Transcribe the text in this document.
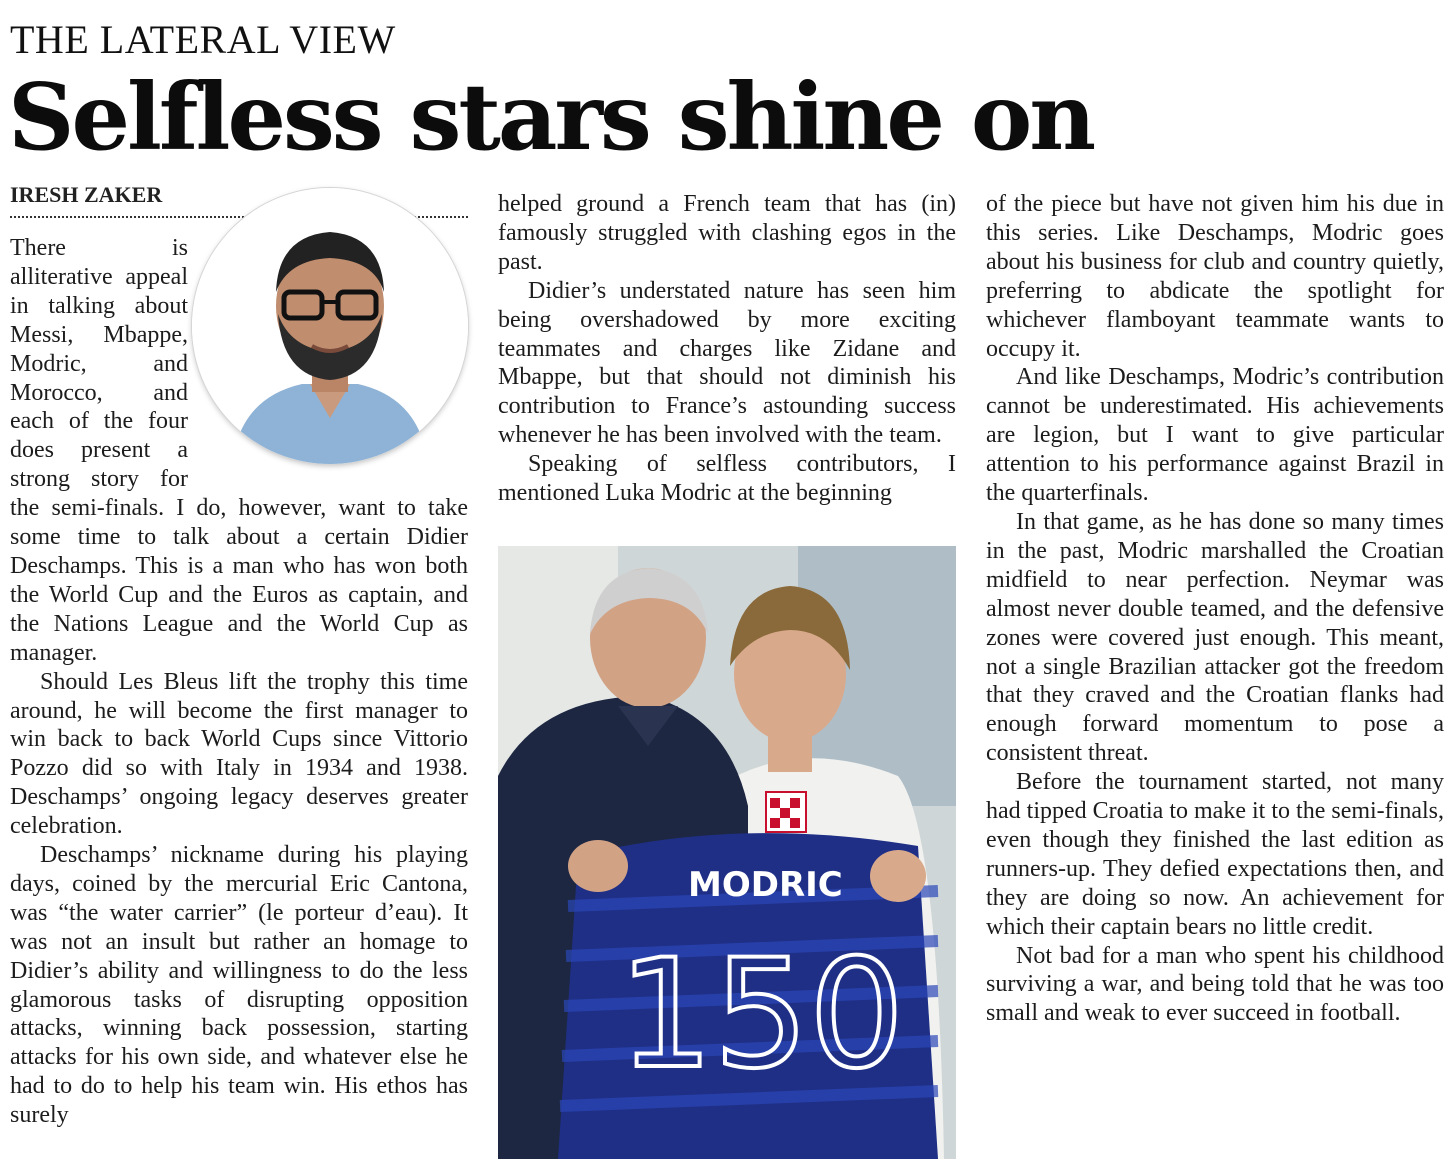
THE LATERAL VIEW
Selfless stars shine on
IRESH ZAKER

There is alliterative appeal in talking about Messi, Mbappe, Modric, and Morocco, and each of the four does present a strong story for the semi-finals. I do, however, want to take some time to talk about a certain Didier Deschamps. This is a man who has won both the World Cup and the Euros as captain, and the Nations League and the World Cup as manager.

Should Les Bleus lift the trophy this time around, he will become the first manager to win back to back World Cups since Vittorio Pozzo did so with Italy in 1934 and 1938. Deschamps’ ongoing legacy deserves greater celebration.

Deschamps’ nickname during his playing days, coined by the mercurial Eric Cantona, was “the water carrier” (le porteur d’eau). It was not an insult but rather an homage to Didier’s ability and willingness to do the less glamorous tasks of disrupting opposition attacks, winning back possession, starting attacks for his own side, and whatever else he had to do to help his team win. His ethos has surely

helped ground a French team that has (in) famously struggled with clashing egos in the past.

Didier’s understated nature has seen him being overshadowed by more exciting teammates and charges like Zidane and Mbappe, but that should not diminish his contribution to France’s astounding success whenever he has been involved with the team.

Speaking of selfless contributors, I mentioned Luka Modric at the beginning

MODRIC
150

of the piece but have not given him his due in this series. Like Deschamps, Modric goes about his business for club and country quietly, preferring to abdicate the spotlight for whichever flamboyant teammate wants to occupy it.

And like Deschamps, Modric’s contribution cannot be underestimated. His achievements are legion, but I want to give particular attention to his performance against Brazil in the quarterfinals.

In that game, as he has done so many times in the past, Modric marshalled the Croatian midfield to near perfection. Neymar was almost never double teamed, and the defensive zones were covered just enough. This meant, not a single Brazilian attacker got the freedom that they craved and the Croatian flanks had enough forward momentum to pose a consistent threat.

Before the tournament started, not many had tipped Croatia to make it to the semi-finals, even though they finished the last edition as runners-up. They defied expectations then, and they are doing so now. An achievement for which their captain bears no little credit.

Not bad for a man who spent his childhood surviving a war, and being told that he was too small and weak to ever succeed in football.
